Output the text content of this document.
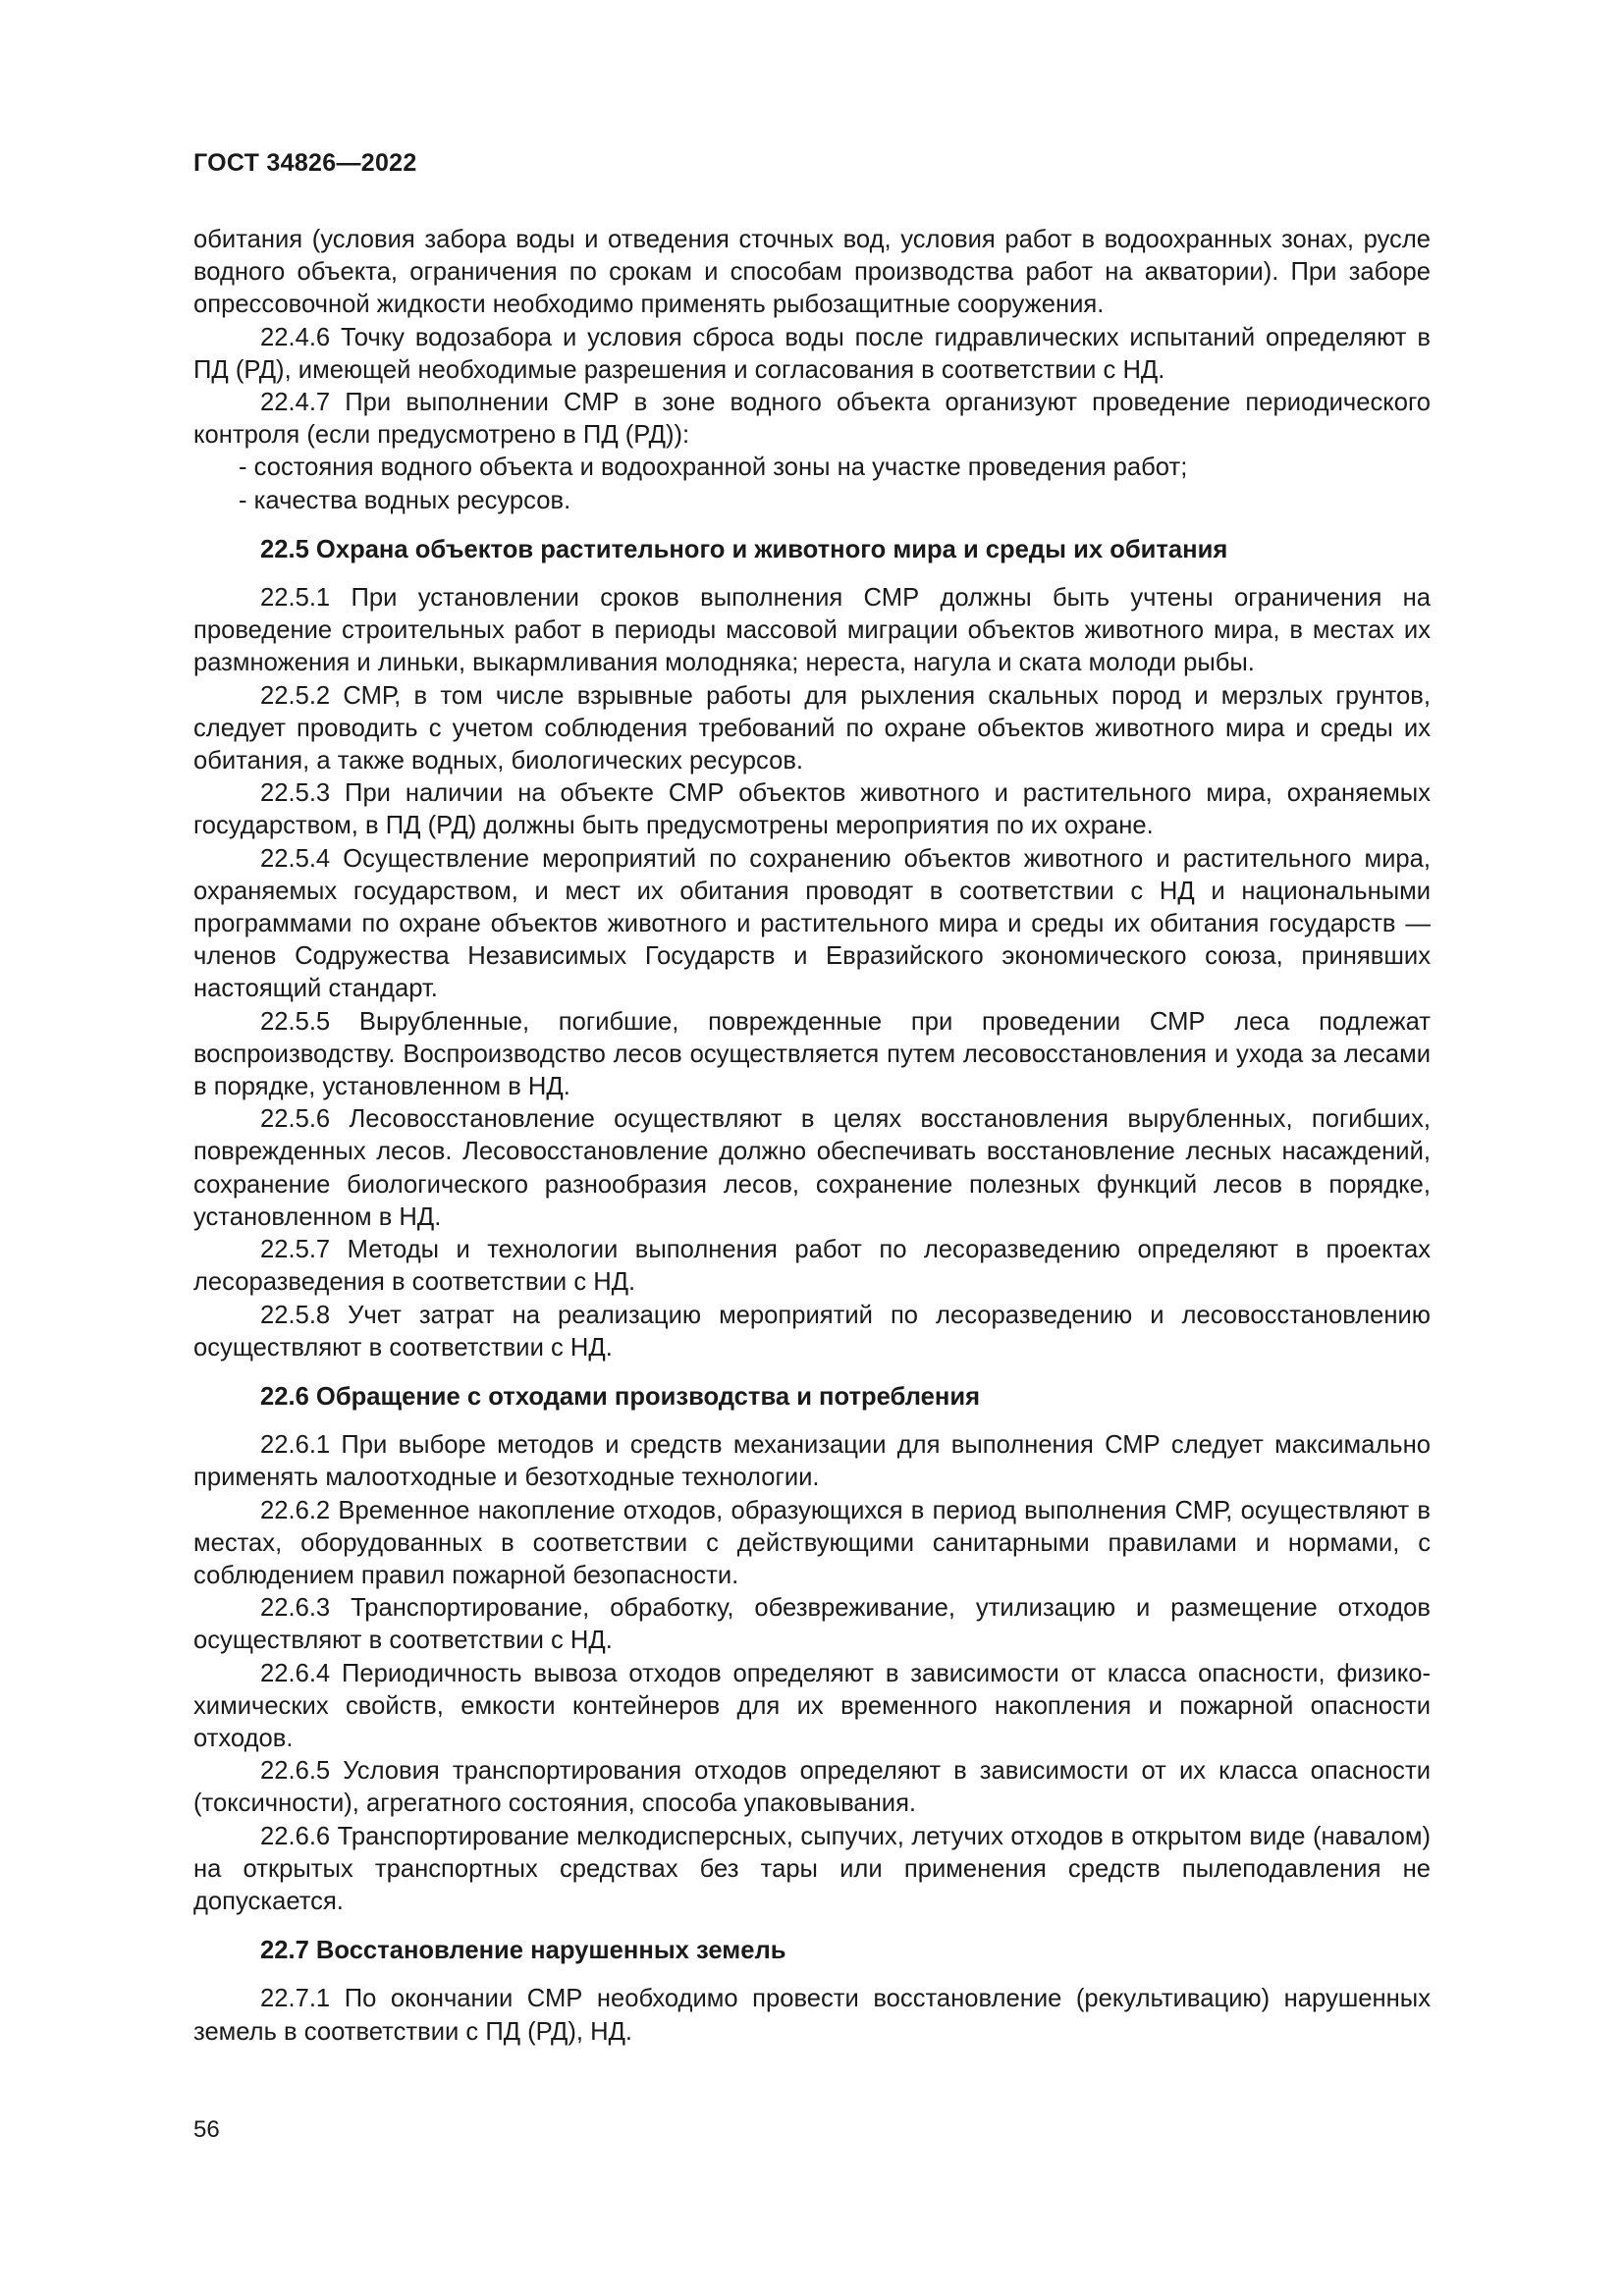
ГОСТ 34826—2022

обитания (условия забора воды и отведения сточных вод, условия работ в водоохранных зонах, русле водного объекта, ограничения по срокам и способам производства работ на акватории). При заборе опрессовочной жидкости необходимо применять рыбозащитные сооружения.

22.4.6 Точку водозабора и условия сброса воды после гидравлических испытаний определяют в ПД (РД), имеющей необходимые разрешения и согласования в соответствии с НД.

22.4.7 При выполнении СМР в зоне водного объекта организуют проведение периодического контроля (если предусмотрено в ПД (РД)):

- состояния водного объекта и водоохранной зоны на участке проведения работ;

- качества водных ресурсов.

22.5 Охрана объектов растительного и животного мира и среды их обитания

22.5.1 При установлении сроков выполнения СМР должны быть учтены ограничения на проведение строительных работ в периоды массовой миграции объектов животного мира, в местах их размножения и линьки, выкармливания молодняка; нереста, нагула и ската молоди рыбы.

22.5.2 СМР, в том числе взрывные работы для рыхления скальных пород и мерзлых грунтов, следует проводить с учетом соблюдения требований по охране объектов животного мира и среды их обитания, а также водных, биологических ресурсов.

22.5.3 При наличии на объекте СМР объектов животного и растительного мира, охраняемых государством, в ПД (РД) должны быть предусмотрены мероприятия по их охране.

22.5.4 Осуществление мероприятий по сохранению объектов животного и растительного мира, охраняемых государством, и мест их обитания проводят в соответствии с НД и национальными программами по охране объектов животного и растительного мира и среды их обитания государств — членов Содружества Независимых Государств и Евразийского экономического союза, принявших настоящий стандарт.

22.5.5 Вырубленные, погибшие, поврежденные при проведении СМР леса подлежат воспроизводству. Воспроизводство лесов осуществляется путем лесовосстановления и ухода за лесами в порядке, установленном в НД.

22.5.6 Лесовосстановление осуществляют в целях восстановления вырубленных, погибших, поврежденных лесов. Лесовосстановление должно обеспечивать восстановление лесных насаждений, сохранение биологического разнообразия лесов, сохранение полезных функций лесов в порядке, установленном в НД.

22.5.7 Методы и технологии выполнения работ по лесоразведению определяют в проектах лесоразведения в соответствии с НД.

22.5.8 Учет затрат на реализацию мероприятий по лесоразведению и лесовосстановлению осуществляют в соответствии с НД.

22.6 Обращение с отходами производства и потребления

22.6.1 При выборе методов и средств механизации для выполнения СМР следует максимально применять малоотходные и безотходные технологии.

22.6.2 Временное накопление отходов, образующихся в период выполнения СМР, осуществляют в местах, оборудованных в соответствии с действующими санитарными правилами и нормами, с соблюдением правил пожарной безопасности.

22.6.3 Транспортирование, обработку, обезвреживание, утилизацию и размещение отходов осуществляют в соответствии с НД.

22.6.4 Периодичность вывоза отходов определяют в зависимости от класса опасности, физико-химических свойств, емкости контейнеров для их временного накопления и пожарной опасности отходов.

22.6.5 Условия транспортирования отходов определяют в зависимости от их класса опасности (токсичности), агрегатного состояния, способа упаковывания.

22.6.6 Транспортирование мелкодисперсных, сыпучих, летучих отходов в открытом виде (навалом) на открытых транспортных средствах без тары или применения средств пылеподавления не допускается.

22.7 Восстановление нарушенных земель

22.7.1 По окончании СМР необходимо провести восстановление (рекультивацию) нарушенных земель в соответствии с ПД (РД), НД.

56
